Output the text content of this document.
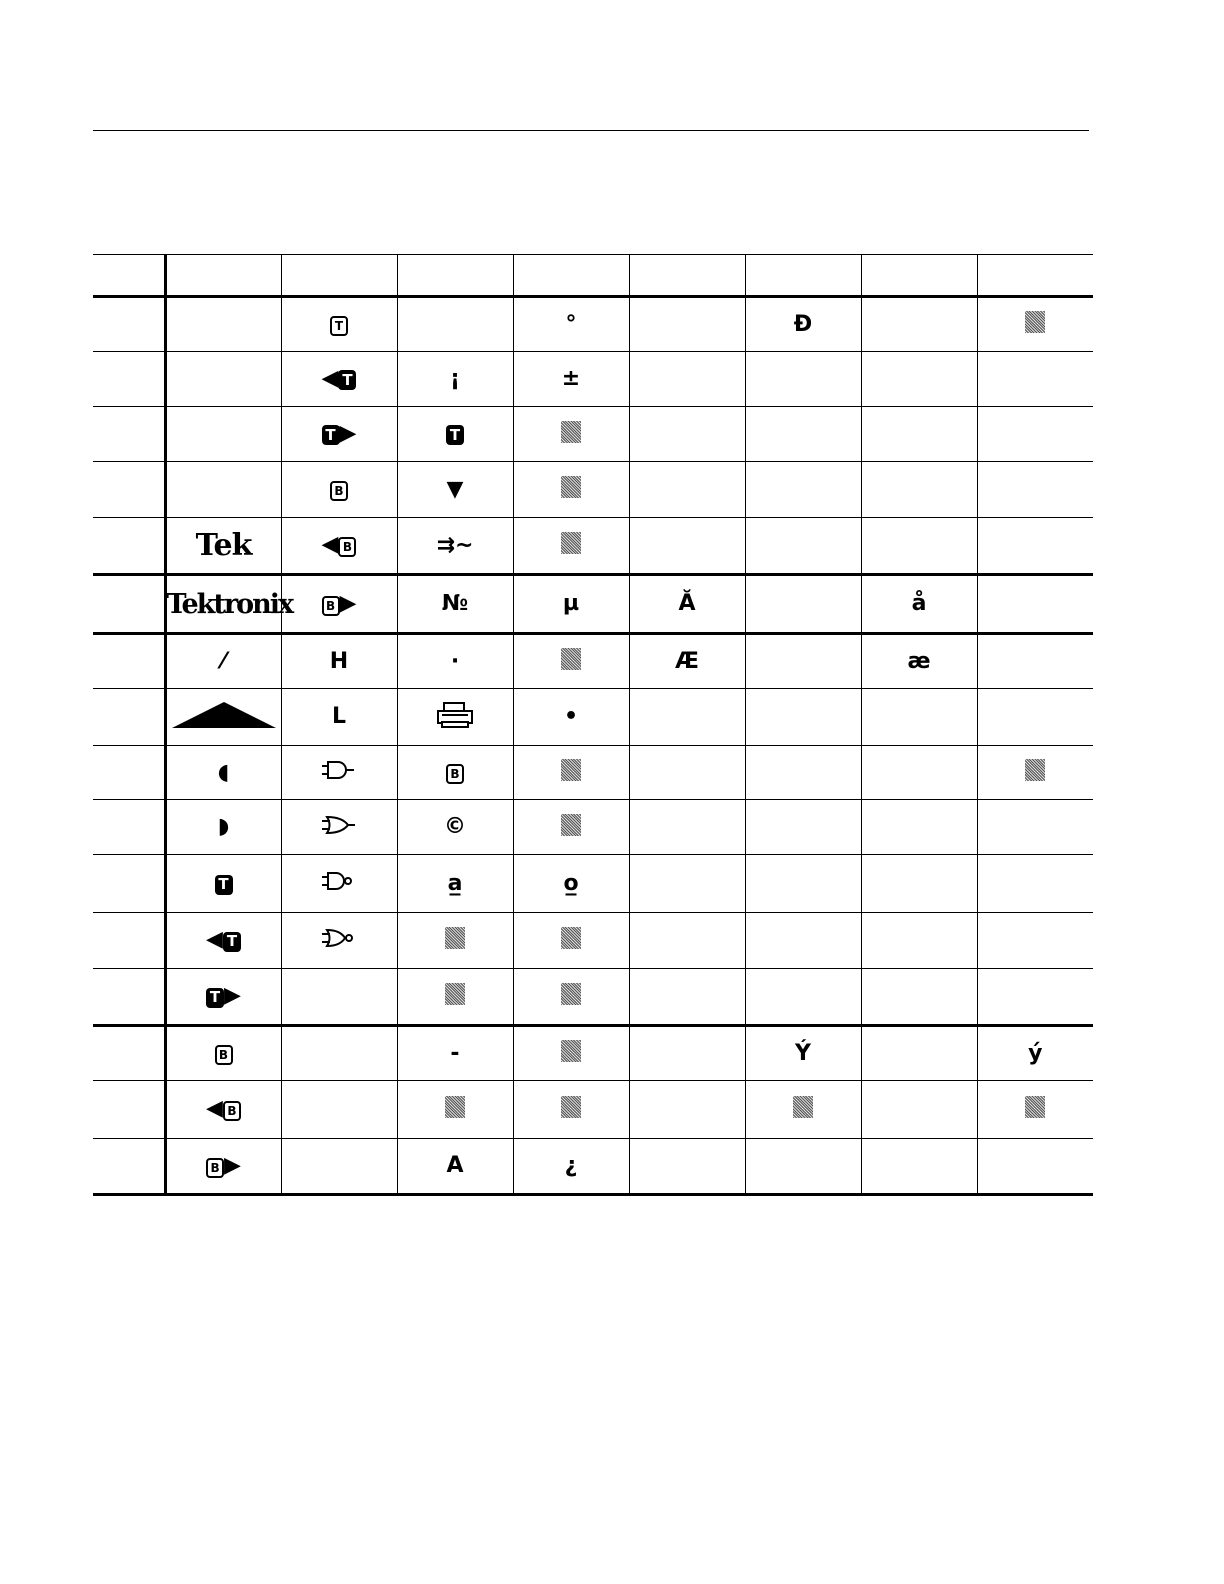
		T		°		Đ		
		◀ T	¡	±				
		T ▶	T					
		B	▼					
	Tek	◀ B	⇉~					
	Tektronix	B ▶	№	µ	Ă		å	
	⁄	H	·		Æ		æ	
		L		•				
	◖		B					
	◗		©					
	T		a̲	o̲				
	◀ T							
	T ▶							
	B		-			Ý		ý
	◀ B							
	B ▶		A	¿				
